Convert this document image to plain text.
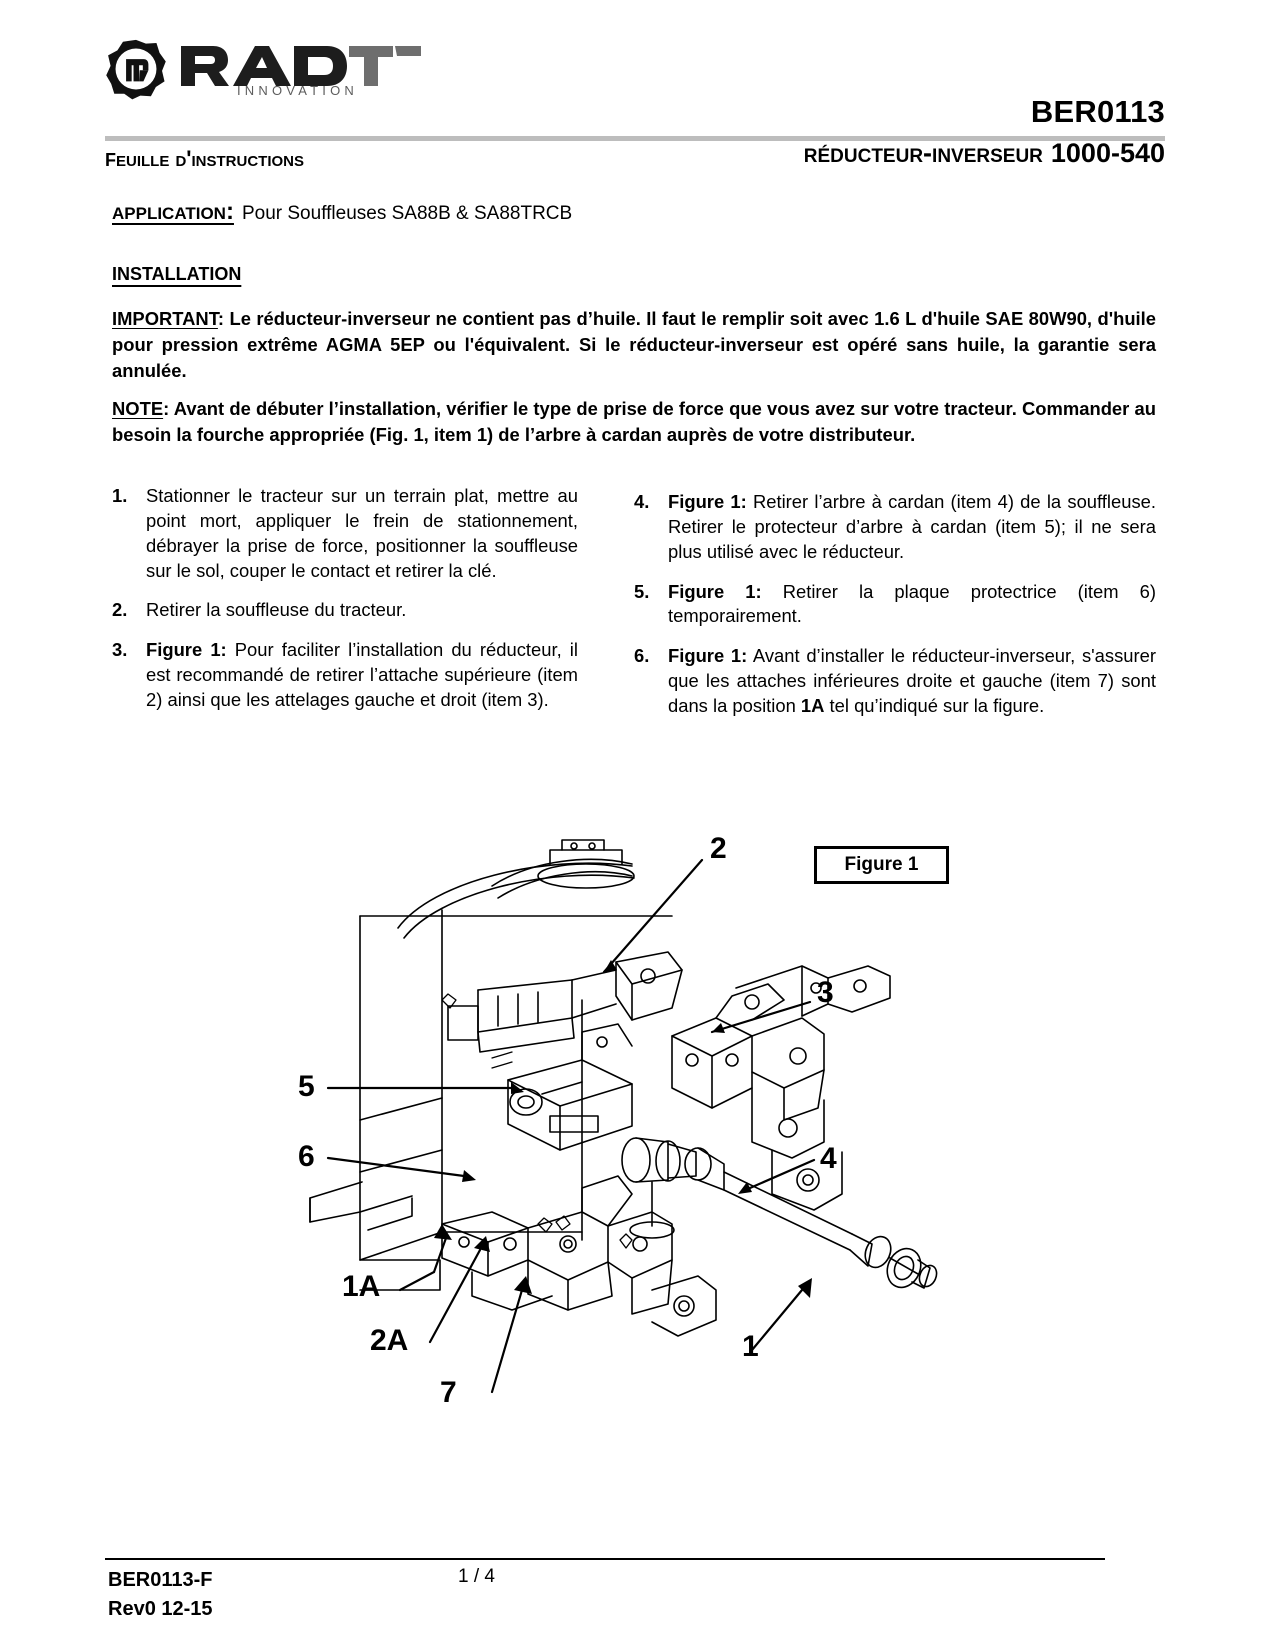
INNOVATION
BER0113
feuille d'instructions	réducteur-inverseur 1000-540
application: Pour Souffleuses SA88B & SA88TRCB
installation
IMPORTANT: Le réducteur-inverseur ne contient pas d’huile. Il faut le remplir soit avec 1.6 L d'huile SAE 80W90, d'huile pour pression extrême AGMA 5EP ou l'équivalent. Si le réducteur-inverseur est opéré sans huile, la garantie sera annulée.
NOTE: Avant de débuter l’installation, vérifier le type de prise de force que vous avez sur votre tracteur. Commander au besoin la fourche appropriée (Fig. 1, item 1) de l’arbre à cardan auprès de votre distributeur.
1.	Stationner le tracteur sur un terrain plat, mettre au point mort, appliquer le frein de stationnement, débrayer la prise de force, positionner la souffleuse sur le sol, couper le contact et retirer la clé.
2.	Retirer la souffleuse du tracteur.
3.	Figure 1: Pour faciliter l’installation du réducteur, il est recommandé de retirer l’attache supérieure (item 2) ainsi que les attelages gauche et droit (item 3).
4.	Figure 1: Retirer l’arbre à cardan (item 4) de la souffleuse. Retirer le protecteur d’arbre à cardan (item 5); il ne sera plus utilisé avec le réducteur.
5.	Figure 1: Retirer la plaque protectrice (item 6) temporairement.
6.	Figure 1: Avant d’installer le réducteur-inverseur, s'assurer que les attaches inférieures droite et gauche (item 7) sont dans la position 1A tel qu’indiqué sur la figure.
Figure 1
2
3
5
6	4
1A
2A
7
1
BER0113-F
Rev0 12-15
1 / 4
